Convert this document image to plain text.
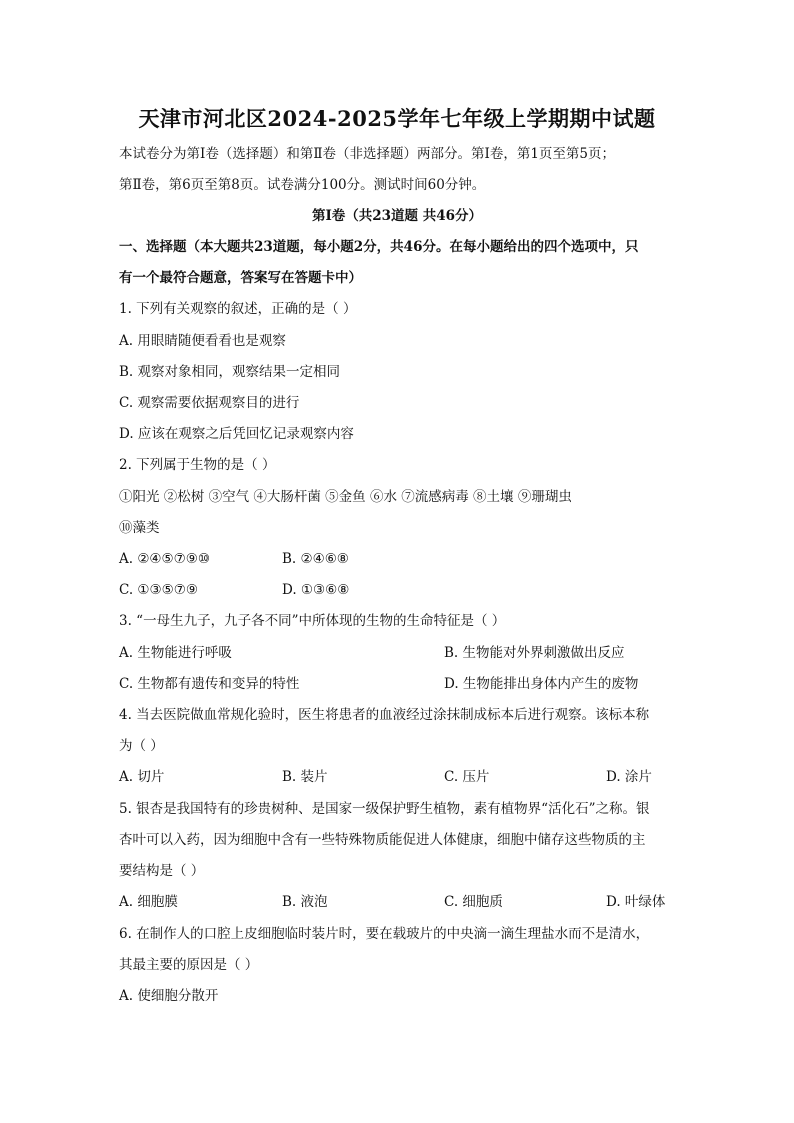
天津市河北区2024-2025学年七年级上学期期中试题
本试卷分为第Ⅰ卷（选择题）和第Ⅱ卷（非选择题）两部分。第Ⅰ卷，第1页至第5页；
第Ⅱ卷，第6页至第8页。试卷满分100分。测试时间60分钟。
第Ⅰ卷（共23道题 共46分）
一、选择题（本大题共23道题，每小题2分，共46分。在每小题给出的四个选项中，只
有一个最符合题意，答案写在答题卡中）
1. 下列有关观察的叙述，正确的是（ ）
A. 用眼睛随便看看也是观察
B. 观察对象相同，观察结果一定相同
C. 观察需要依据观察目的进行
D. 应该在观察之后凭回忆记录观察内容
2. 下列属于生物的是（ ）
①阳光 ②松树 ③空气 ④大肠杆菌 ⑤金鱼 ⑥水 ⑦流感病毒 ⑧土壤 ⑨珊瑚虫
⑩藻类
A. ②④⑤⑦⑨⑩	B. ②④⑥⑧
C. ①③⑤⑦⑨	D. ①③⑥⑧
3. “一母生九子，九子各不同”中所体现的生物的生命特征是（ ）
A. 生物能进行呼吸	B. 生物能对外界刺激做出反应
C. 生物都有遗传和变异的特性	D. 生物能排出身体内产生的废物
4. 当去医院做血常规化验时，医生将患者的血液经过涂抹制成标本后进行观察。该标本称
为（ ）
A. 切片	B. 装片	C. 压片	D. 涂片
5. 银杏是我国特有的珍贵树种、是国家一级保护野生植物，素有植物界“活化石”之称。银
杏叶可以入药，因为细胞中含有一些特殊物质能促进人体健康，细胞中储存这些物质的主
要结构是（ ）
A. 细胞膜	B. 液泡	C. 细胞质	D. 叶绿体
6. 在制作人的口腔上皮细胞临时装片时，要在载玻片的中央滴一滴生理盐水而不是清水，
其最主要的原因是（ ）
A. 使细胞分散开
